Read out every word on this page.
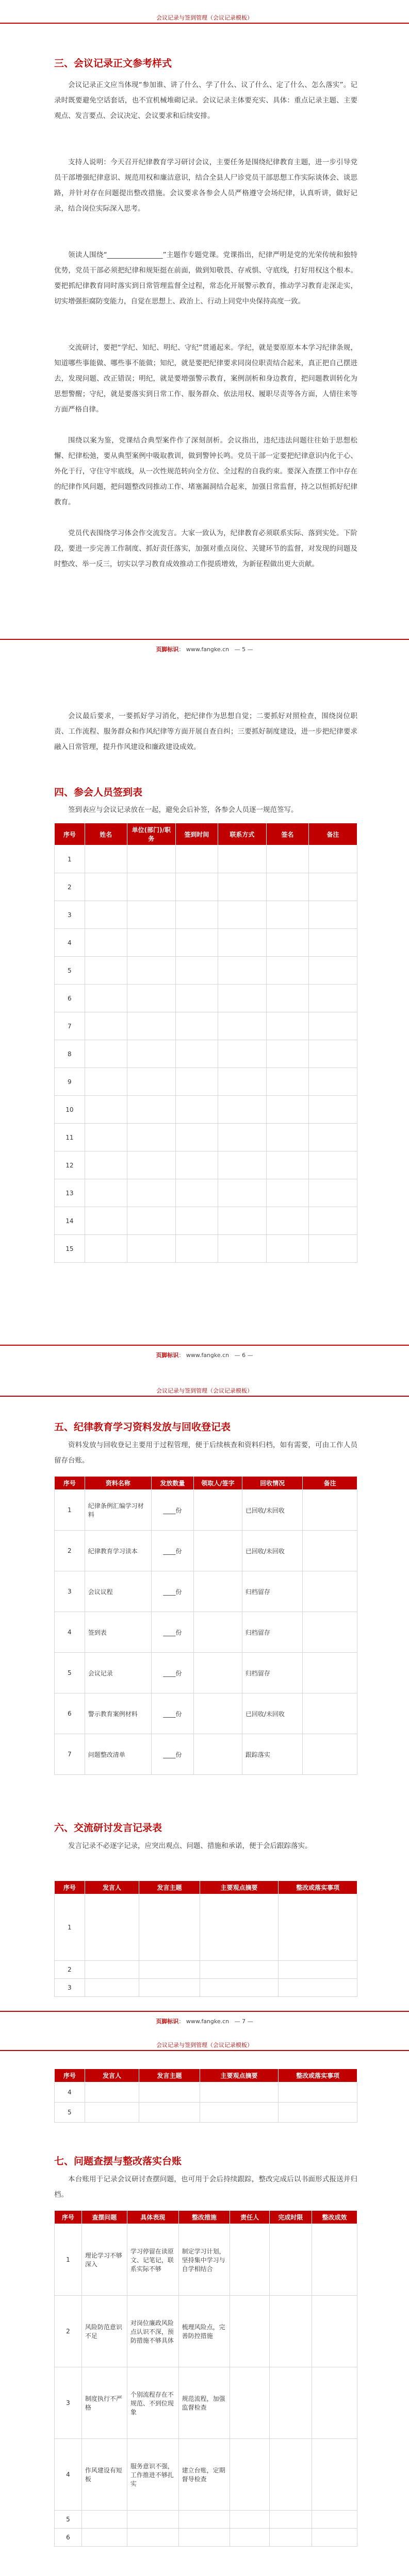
会议记录与签到管理（会议记录模板）
三、会议记录正文参考样式
会议记录正文应当体现“参加谁、讲了什么、学了什么、议了什么、定了什么、怎么落实”。记录时既要避免空话套话，也不宜机械堆砌记录。会议记录主体要充实、具体：重点记录主题、主要观点、发言要点、会议决定、会议要求和后续安排。
支持人说明：今天召开纪律教育学习研讨会议，主要任务是围绕纪律教育主题，进一步引导党员干部增强纪律意识、规范用权和廉洁意识，结合全县人尸诊党员干部思想工作实际谈体会、谈思路，并针对存在问题提出整改措施。会议要求各参会人员严格遵守会场纪律，认真听讲，做好记录，结合岗位实际深入思考。
领读人围绕“________________”主题作专题党课。党课指出，纪律严明是党的光荣传统和独特优势，党员干部必须把纪律和规矩挺在前面，做到知敬畏、存戒惧、守底线，打好用权这个根本。要把抓纪律教育同时落实到日常管理监督全过程，常态化开展警示教育，推动学习教育走深走实，切实增强拒腐防变能力，自觉在思想上、政治上、行动上同党中央保持高度一致。
交流研讨，要把“学纪、知纪、明纪、守纪”贯通起来。学纪，就是要原原本本学习纪律条规，知道哪些事能做、哪些事不能做；知纪，就是要把纪律要求同岗位职责结合起来，真正把自己摆进去，发现问题、改正错误；明纪，就是要增强警示教育，案例剖析和身边教育，把问题教训转化为思想警醒；守纪，就是要落实到日常工作、服务群众、依法用权、履职尽责等各方面，人情往来等方面严格自律。
围绕以案为鉴，党课结合典型案件作了深刻剖析。会议指出，违纪违法问题往往始于思想松懈、纪律松弛，要从典型案例中吸取教训，做到警钟长鸣。党员干部一定要把纪律意识内化于心、外化于行，守住守牢底线，从一次性规范转向全方位、全过程的自我约束。要深入查摆工作中存在的纪律作风问题，把问题整改同推动工作、堵塞漏洞结合起来，加强日常监督，持之以恒抓好纪律教育。
党员代表围绕学习体会作交流发言。大家一致认为，纪律教育必须联系实际、落到实处。下阶段，要进一步完善工作制度、抓好责任落实，加强对重点岗位、关键环节的监督，对发现的问题及时整改、举一反三，切实以学习教育成效推动工作提质增效，为新征程做出更大贡献。
页脚标识： www.fangke.cn — 5 —
会议最后要求，一要抓好学习消化，把纪律作为思想自觉；二要抓好对照检查，围绕岗位职责、工作流程、服务群众和作风纪律等方面开展自查自纠；三要抓好制度建设，进一步把纪律要求融入日常管理，提升作风建设和廉政建设成效。
四、参会人员签到表
签到表应与会议记录放在一起，避免会后补签，各参会人员逐一规范签写。
序号	姓名	单位(部门)/职务	签到时间	联系方式	签名	备注
1						
2						
3						
4						
5						
6						
7						
8						
9						
10						
11						
12						
13						
14						
15						
页脚标识： www.fangke.cn — 6 —
会议记录与签到管理（会议记录模板）
五、纪律教育学习资料发放与回收登记表
资料发放与回收登记主要用于过程管理，便于后续核查和资料归档，如有需要，可由工作人员留存台账。
序号	资料名称	发放数量	领取人/签字	回收情况	备注
1	纪律条例汇编学习材料	____份		已回收/未回收	
2	纪律教育学习读本	____份		已回收/未回收	
3	会议议程	____份		归档留存	
4	签到表	____份		归档留存	
5	会议记录	____份		归档留存	
6	警示教育案例材料	____份		已回收/未回收	
7	问题整改清单	____份		跟踪落实	
六、交流研讨发言记录表
发言记录不必逐字记录，应突出观点、问题、措施和承诺，便于会后跟踪落实。
序号	发言人	发言主题	主要观点摘要	整改或落实事项
1				
2				
3				
页脚标识： www.fangke.cn — 7 —
会议记录与签到管理（会议记录模板）
序号	发言人	发言主题	主要观点摘要	整改或落实事项
4				
5				
七、问题查摆与整改落实台账
本台账用于记录会议研讨查摆问题，也可用于会后持续跟踪，整改完成后以书面形式报送并归档。
序号	查摆问题	具体表现	整改措施	责任人	完成时限	整改成效
1	理论学习不够深入	学习停留在读原文、记笔记，联系实际不够	制定学习计划，坚持集中学习与自学相结合			
2	风险防范意识不足	对岗位廉政风险点认识不深，预防措施不够具体	梳理风险点，完善防控措施			
3	制度执行不严格	个别流程存在不规范、不到位现象	规范流程，加强监督检查			
4	作风建设有短板	服务意识不强，工作推进不够扎实	建立台账，定期督导检查			
5						
6						
